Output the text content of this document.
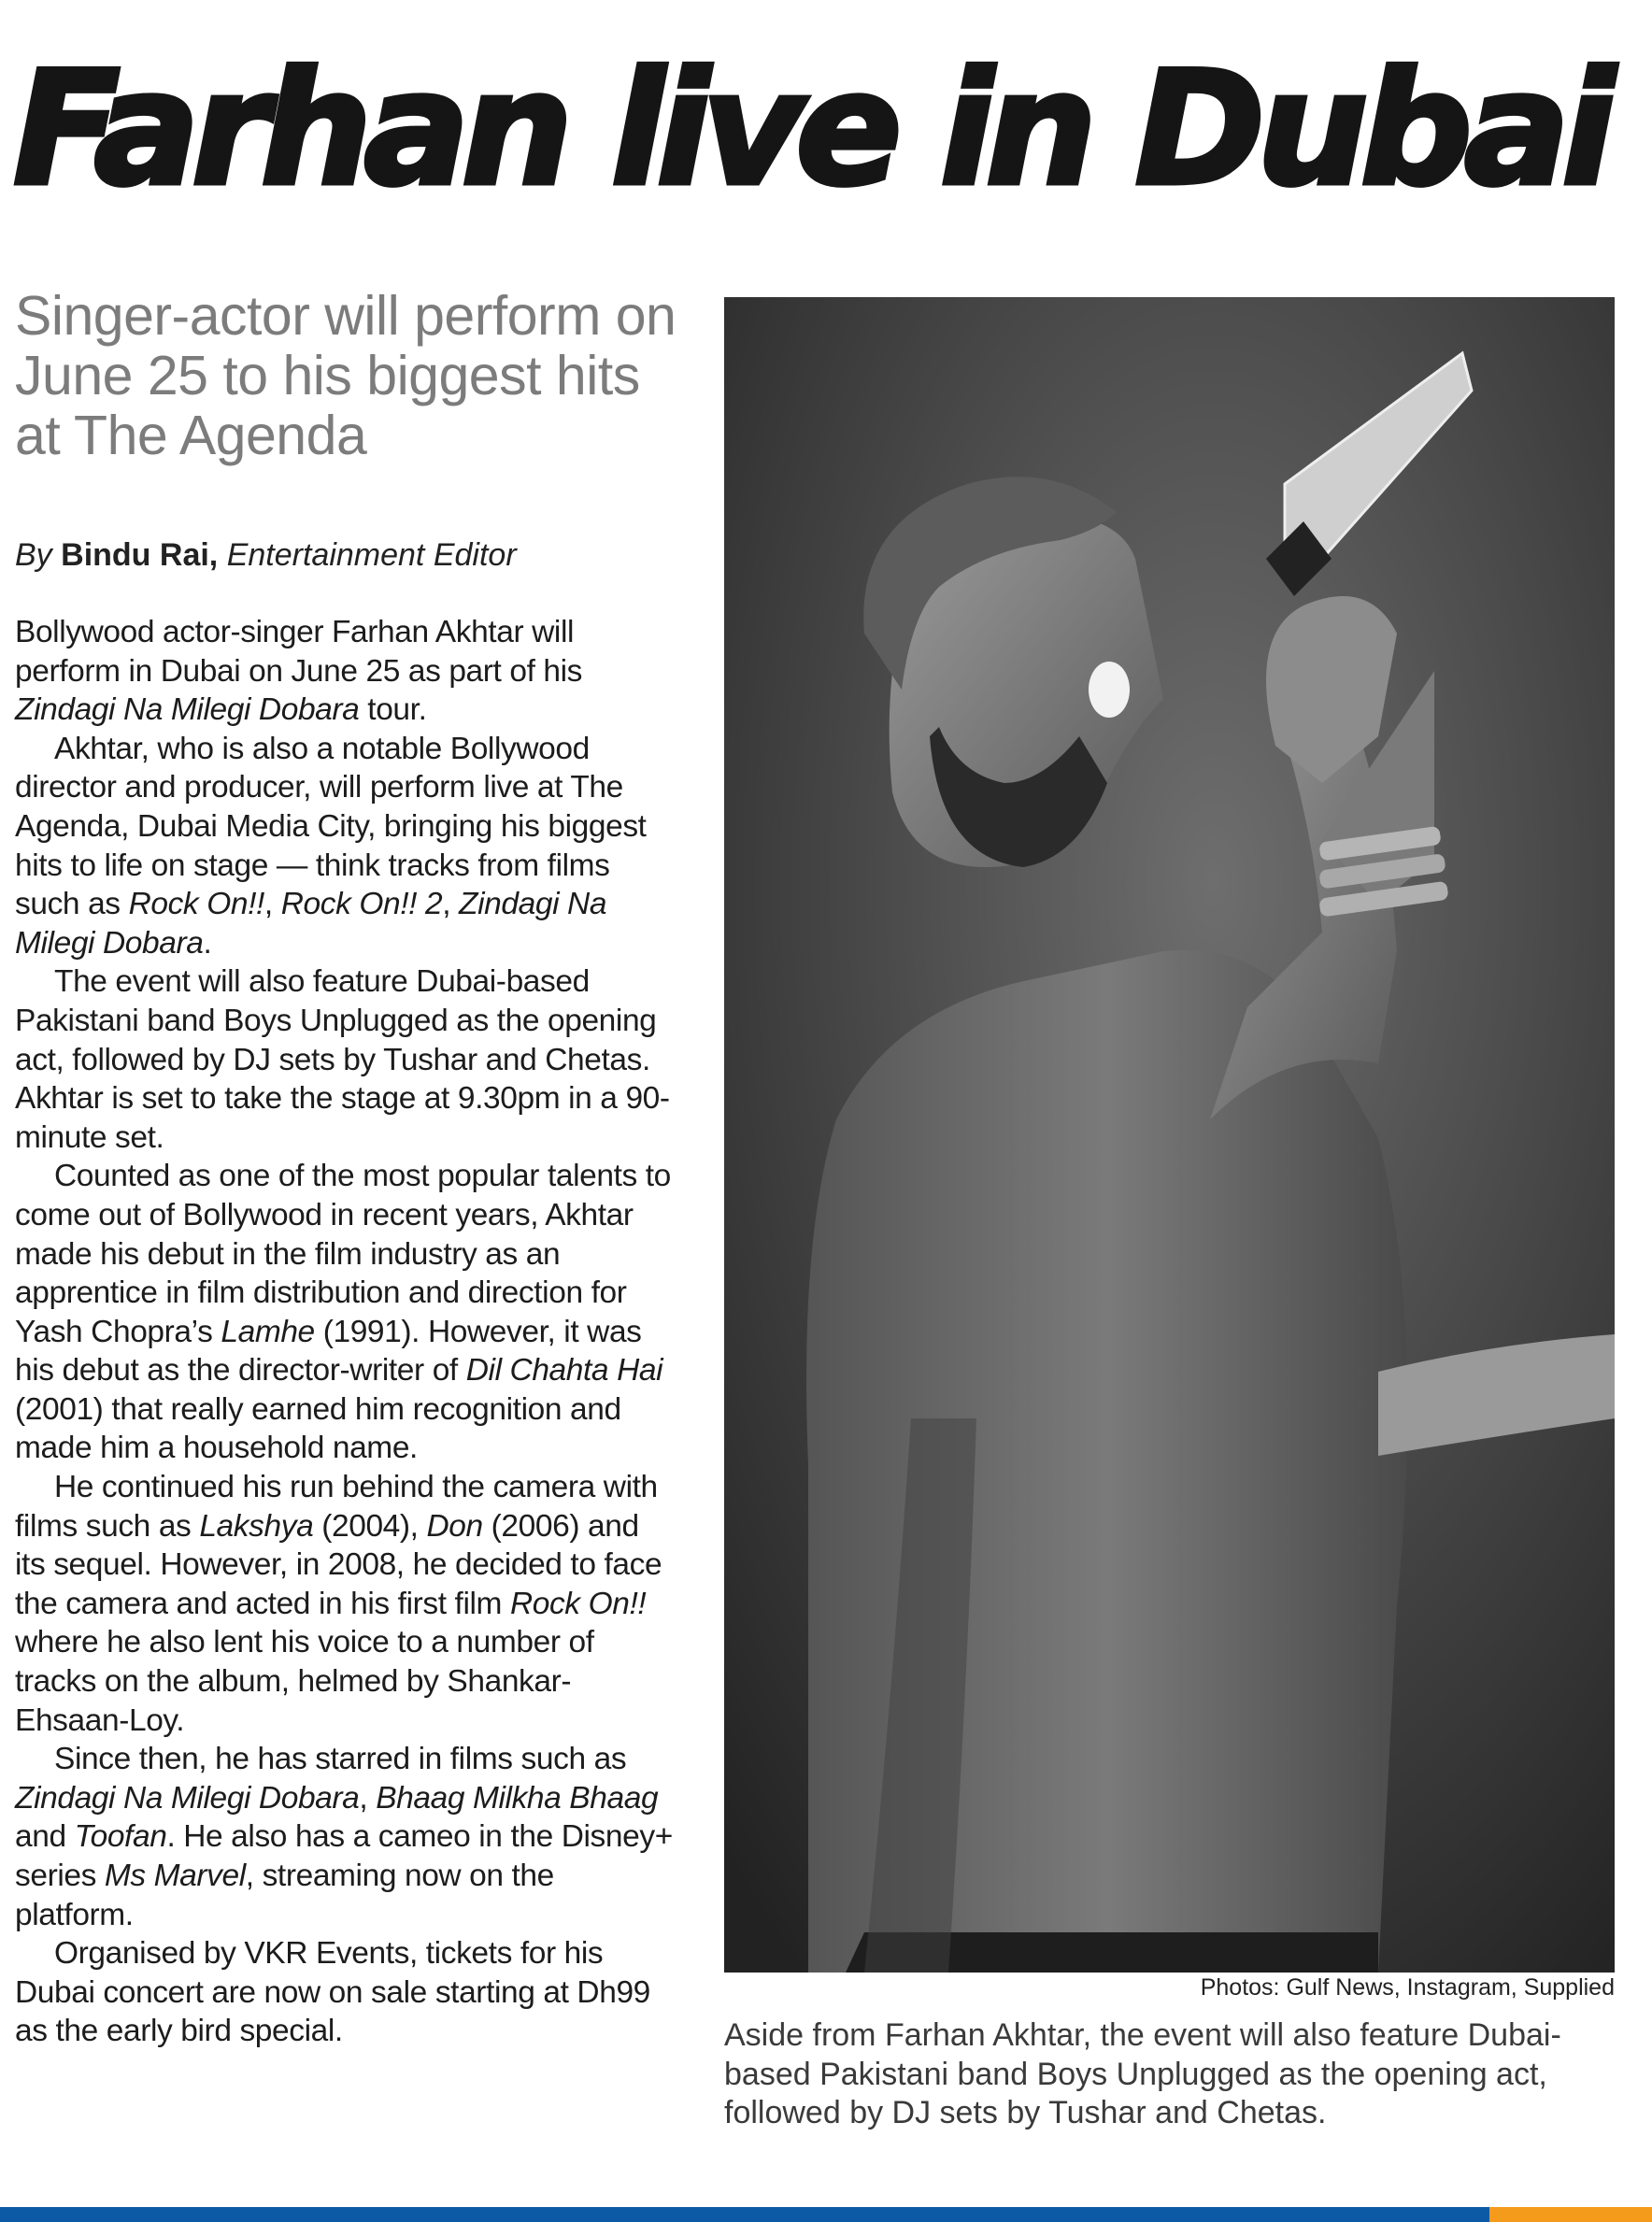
Farhan live in Dubai
Singer-actor will perform on June 25 to his biggest hits at The Agenda
By Bindu Rai, Entertainment Editor

Bollywood actor-singer Farhan Akhtar will perform in Dubai on June 25 as part of his Zindagi Na Milegi Dobara tour.

Akhtar, who is also a notable Bollywood director and producer, will perform live at The Agenda, Dubai Media City, bringing his biggest hits to life on stage — think tracks from films such as Rock On!!, Rock On!! 2, Zindagi Na Milegi Dobara.

The event will also feature Dubai-based Pakistani band Boys Unplugged as the opening act, followed by DJ sets by Tushar and Chetas. Akhtar is set to take the stage at 9.30pm in a 90-minute set.

Counted as one of the most popular talents to come out of Bollywood in recent years, Akhtar made his debut in the film industry as an apprentice in film distribution and direction for Yash Chopra’s Lamhe (1991). However, it was his debut as the director-writer of Dil Chahta Hai (2001) that really earned him recognition and made him a household name.

He continued his run behind the camera with films such as Lakshya (2004), Don (2006) and its sequel. However, in 2008, he decided to face the camera and acted in his first film Rock On!! where he also lent his voice to a number of tracks on the album, helmed by Shankar-Ehsaan-Loy.

Since then, he has starred in films such as Zindagi Na Milegi Dobara, Bhaag Milkha Bhaag and Toofan. He also has a cameo in the Disney+ series Ms Marvel, streaming now on the platform.

Organised by VKR Events, tickets for his Dubai concert are now on sale starting at Dh99 as the early bird special.

Photos: Gulf News, Instagram, Supplied
Aside from Farhan Akhtar, the event will also feature Dubai-based Pakistani band Boys Unplugged as the opening act, followed by DJ sets by Tushar and Chetas.
